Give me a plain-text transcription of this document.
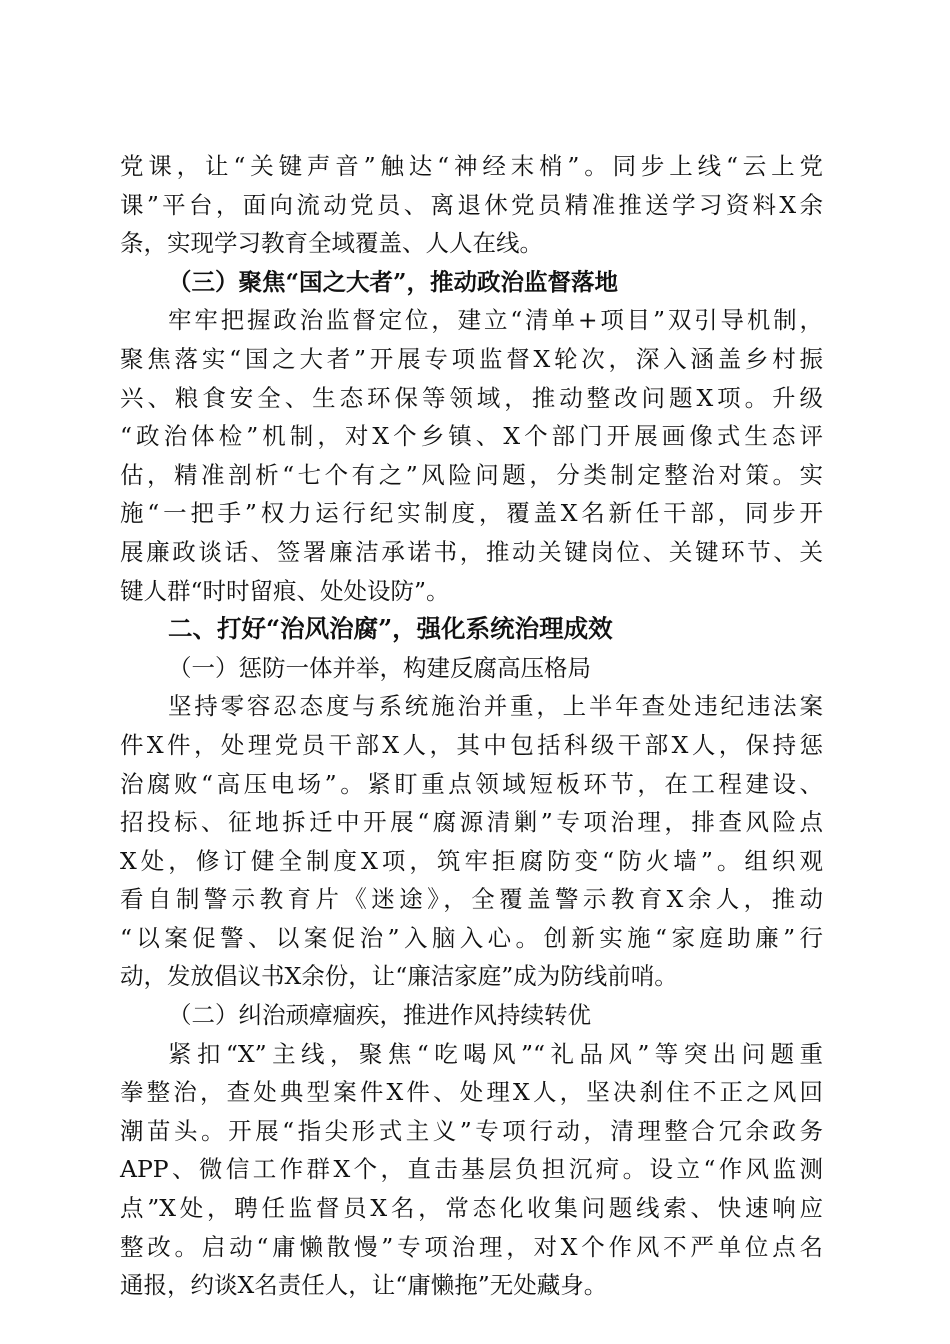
党课，让“关键声音”触达“神经末梢”。同步上线“云上党
课”平台，面向流动党员、离退休党员精准推送学习资料X余
条，实现学习教育全域覆盖、人人在线。
（三）聚焦“国之大者”，推动政治监督落地
牢牢把握政治监督定位，建立“清单+项目”双引导机制，
聚焦落实“国之大者”开展专项监督X轮次，深入涵盖乡村振
兴、粮食安全、生态环保等领域，推动整改问题X项。升级
“政治体检”机制，对X个乡镇、X个部门开展画像式生态评
估，精准剖析“七个有之”风险问题，分类制定整治对策。实
施“一把手”权力运行纪实制度，覆盖X名新任干部，同步开
展廉政谈话、签署廉洁承诺书，推动关键岗位、关键环节、关
键人群“时时留痕、处处设防”。
二、打好“治风治腐”，强化系统治理成效
（一）惩防一体并举，构建反腐高压格局
坚持零容忍态度与系统施治并重，上半年查处违纪违法案
件X件，处理党员干部X人，其中包括科级干部X人，保持惩
治腐败“高压电场”。紧盯重点领域短板环节，在工程建设、
招投标、征地拆迁中开展“腐源清剿”专项治理，排查风险点
X处，修订健全制度X项，筑牢拒腐防变“防火墙”。组织观
看自制警示教育片《迷途》，全覆盖警示教育X余人，推动
“以案促警、以案促治”入脑入心。创新实施“家庭助廉”行
动，发放倡议书X余份，让“廉洁家庭”成为防线前哨。
（二）纠治顽瘴痼疾，推进作风持续转优
紧扣“X”主线，聚焦“吃喝风”“礼品风”等突出问题重
拳整治，查处典型案件X件、处理X人，坚决刹住不正之风回
潮苗头。开展“指尖形式主义”专项行动，清理整合冗余政务
APP、微信工作群X个，直击基层负担沉疴。设立“作风监测
点”X处，聘任监督员X名，常态化收集问题线索、快速响应
整改。启动“庸懒散慢”专项治理，对X个作风不严单位点名
通报，约谈X名责任人，让“庸懒拖”无处藏身。
